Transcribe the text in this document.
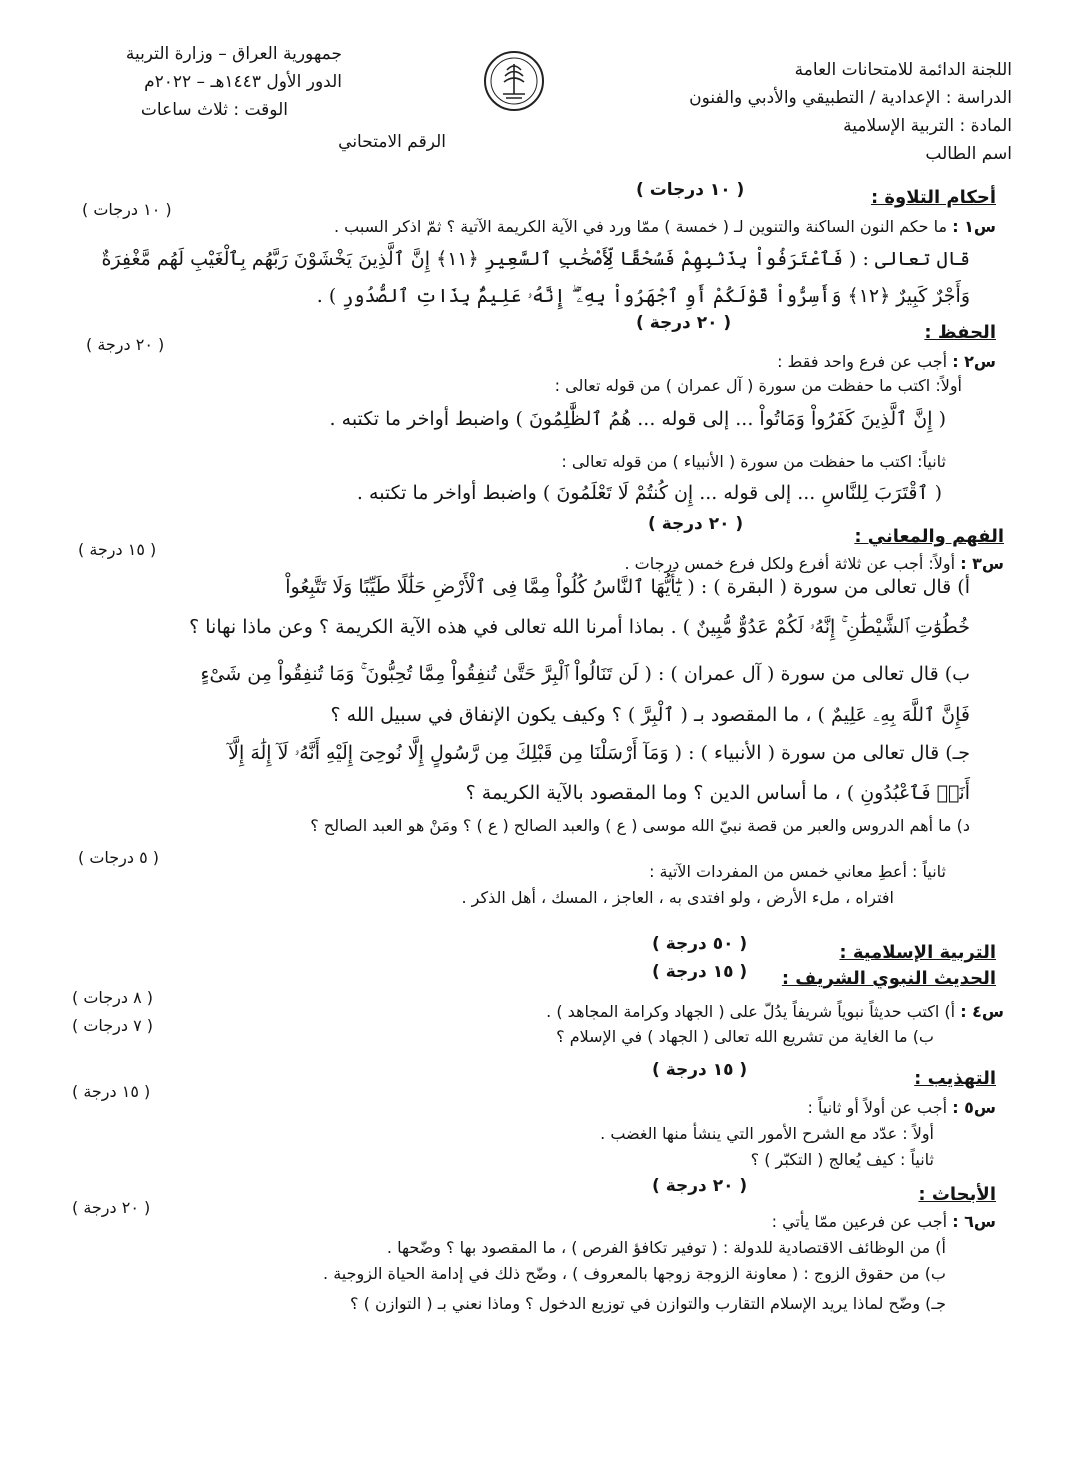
اللجنة الدائمة للامتحانات العامة
الدراسة : الإعدادية / التطبيقي والأدبي والفنون
المادة : التربية الإسلامية
اسم الطالب
جمهورية العراق – وزارة التربية
الدور الأول ١٤٤٣هـ – ٢٠٢٢م
الوقت : ثلاث ساعات
الرقم الامتحاني
أحكام التلاوة :
( ١٠ درجات )
( ١٠ درجات )
س١ : ما حكم النون الساكنة والتنوين لـ ( خمسة ) ممّا ورد في الآية الكريمة الآتية ؟ ثمّ اذكر السبب .
قال تعالى : ( فَٱعْتَرَفُواْ بِذَنۢبِهِمْ فَسُحْقًا لِّأَصْحَٰبِ ٱلسَّعِيرِ ﴿١١﴾ إِنَّ ٱلَّذِينَ يَخْشَوْنَ رَبَّهُم بِٱلْغَيْبِ لَهُم مَّغْفِرَةٌ
وَأَجْرٌ كَبِيرٌ ﴿١٢﴾ وَأَسِرُّواْ قَوْلَكُمْ أَوِ ٱجْهَرُواْ بِهِۦٓ ۖ إِنَّهُۥ عَلِيمٌۢ بِذَاتِ ٱلصُّدُورِ ) .
الحفظ :
( ٢٠ درجة )
( ٢٠ درجة )
س٢ : أجب عن فرع واحد فقط :
أولاً: اكتب ما حفظت من سورة ( آل عمران ) من قوله تعالى :
( إِنَّ ٱلَّذِينَ كَفَرُواْ وَمَاتُواْ ... إلى قوله ... هُمُ ٱلظَّٰلِمُونَ ) واضبط أواخر ما تكتبه .
ثانياً: اكتب ما حفظت من سورة ( الأنبياء ) من قوله تعالى :
( ٱقْتَرَبَ لِلنَّاسِ ... إلى قوله ... إِن كُنتُمْ لَا تَعْلَمُونَ ) واضبط أواخر ما تكتبه .
الفهم والمعاني :
( ٢٠ درجة )
( ١٥ درجة )
س٣ : أولاً: أجب عن ثلاثة أفرع ولكل فرع خمس درجات .
أ) قال تعالى من سورة ( البقرة ) : ( يَٰٓأَيُّهَا ٱلنَّاسُ كُلُواْ مِمَّا فِى ٱلْأَرْضِ حَلَٰلًا طَيِّبًا وَلَا تَتَّبِعُواْ
خُطُوَٰتِ ٱلشَّيْطَٰنِ ۚ إِنَّهُۥ لَكُمْ عَدُوٌّ مُّبِينٌ ) . بماذا أمرنا الله تعالى في هذه الآية الكريمة ؟ وعن ماذا نهانا ؟
ب) قال تعالى من سورة ( آل عمران ) : ( لَن تَنَالُواْ ٱلْبِرَّ حَتَّىٰ تُنفِقُواْ مِمَّا تُحِبُّونَ ۚ وَمَا تُنفِقُواْ مِن شَىْءٍ
فَإِنَّ ٱللَّهَ بِهِۦ عَلِيمٌ ) ، ما المقصود بـ ( ٱلْبِرَّ ) ؟ وكيف يكون الإنفاق في سبيل الله ؟
جـ) قال تعالى من سورة ( الأنبياء ) : ( وَمَآ أَرْسَلْنَا مِن قَبْلِكَ مِن رَّسُولٍ إِلَّا نُوحِىٓ إِلَيْهِ أَنَّهُۥ لَآ إِلَٰهَ إِلَّآ
أَنَا۠ فَٱعْبُدُونِ ) ، ما أساس الدين ؟ وما المقصود بالآية الكريمة ؟
د) ما أهم الدروس والعبر من قصة نبيّ الله موسى ( ع ) والعبد الصالح ( ع ) ؟ ومَنْ هو العبد الصالح ؟
( ٥ درجات )
ثانياً : أعطِ معاني خمس من المفردات الآتية :
افتراه ، ملء الأرض ، ولو افتدى به ، العاجز ، المسك ، أهل الذكر .
التربية الإسلامية :
( ٥٠ درجة )
الحديث النبوي الشريف :
( ١٥ درجة )
( ٨ درجات )
( ٧ درجات )
س٤ : أ) اكتب حديثاً نبوياً شريفاً يدُلّ على ( الجهاد وكرامة المجاهد ) .
ب) ما الغاية من تشريع الله تعالى ( الجهاد ) في الإسلام ؟
التهذيب :
( ١٥ درجة )
( ١٥ درجة )
س٥ : أجب عن أولاً أو ثانياً :
أولاً : عدّد مع الشرح الأمور التي ينشأ منها الغضب .
ثانياً : كيف يُعالج ( التكبّر ) ؟
الأبحاث :
( ٢٠ درجة )
( ٢٠ درجة )
س٦ : أجب عن فرعين ممّا يأتي :
أ) من الوظائف الاقتصادية للدولة : ( توفير تكافؤ الفرص ) ، ما المقصود بها ؟ وضّحها .
ب) من حقوق الزوج : ( معاونة الزوجة زوجها بالمعروف ) ، وضّح ذلك في إدامة الحياة الزوجية .
جـ) وضّح لماذا يريد الإسلام التقارب والتوازن في توزيع الدخول ؟ وماذا نعني بـ ( التوازن ) ؟
